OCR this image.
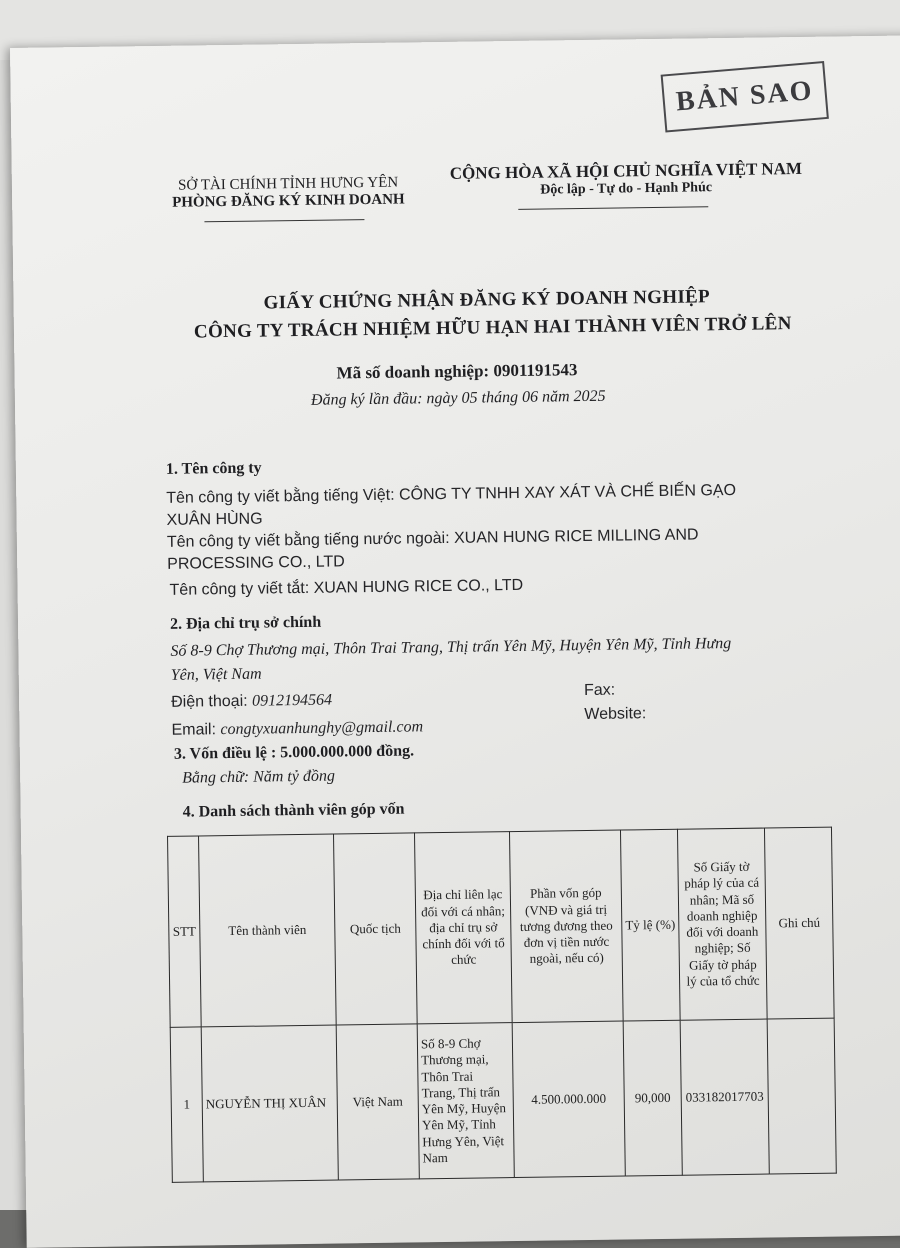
BẢN SAO
SỞ TÀI CHÍNH TỈNH HƯNG YÊN
PHÒNG ĐĂNG KÝ KINH DOANH
CỘNG HÒA XÃ HỘI CHỦ NGHĨA VIỆT NAM
Độc lập - Tự do - Hạnh Phúc
GIẤY CHỨNG NHẬN ĐĂNG KÝ DOANH NGHIỆP
CÔNG TY TRÁCH NHIỆM HỮU HẠN HAI THÀNH VIÊN TRỞ LÊN
Mã số doanh nghiệp: 0901191543
Đăng ký lần đầu: ngày 05 tháng 06 năm 2025
1. Tên công ty
Tên công ty viết bằng tiếng Việt: CÔNG TY TNHH XAY XÁT VÀ CHẾ BIẾN GẠO
XUÂN HÙNG
Tên công ty viết bằng tiếng nước ngoài: XUAN HUNG RICE MILLING AND
PROCESSING CO., LTD
Tên công ty viết tắt: XUAN HUNG RICE CO., LTD
2. Địa chỉ trụ sở chính
Số 8-9 Chợ Thương mại, Thôn Trai Trang, Thị trấn Yên Mỹ, Huyện Yên Mỹ, Tỉnh Hưng
Yên, Việt Nam
Điện thoại: 0912194564
Fax:
Email: congtyxuanhunghy@gmail.com
Website:
3. Vốn điều lệ : 5.000.000.000 đồng.
Bằng chữ: Năm tỷ đồng
4. Danh sách thành viên góp vốn
STT	Tên thành viên	Quốc tịch	Địa chỉ liên lạc đối với cá nhân; địa chỉ trụ sở chính đối với tổ chức	Phần vốn góp (VNĐ và giá trị tương đương theo đơn vị tiền nước ngoài, nếu có)	Tỷ lệ (%)	Số Giấy tờ pháp lý của cá nhân; Mã số doanh nghiệp đối với doanh nghiệp; Số Giấy tờ pháp lý của tổ chức	Ghi chú
1	NGUYỄN THỊ XUÂN	Việt Nam	Số 8-9 Chợ Thương mại, Thôn Trai Trang, Thị trấn Yên Mỹ, Huyện Yên Mỹ, Tỉnh Hưng Yên, Việt Nam	4.500.000.000	90,000	033182017703	
